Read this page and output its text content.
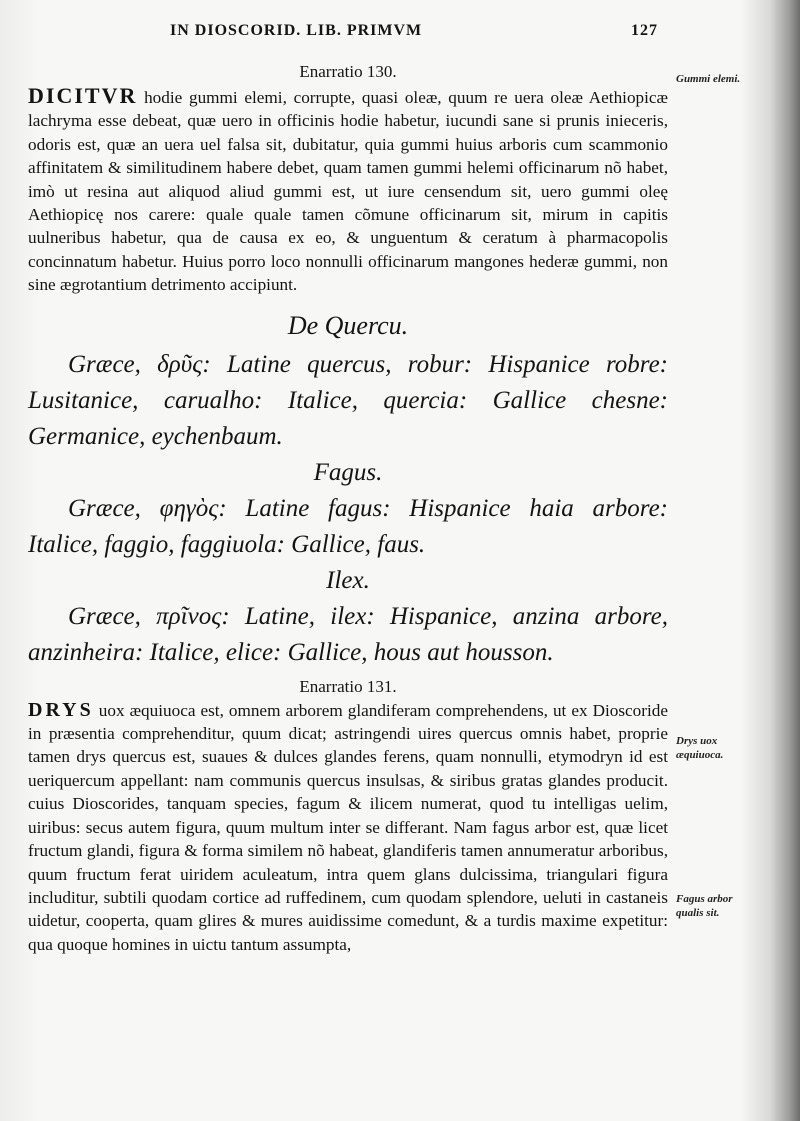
IN DIOSCORID. LIB. PRIMVM	127

Enarratio 130.

DICITVR hodie gummi elemi, corrupte, quasi oleæ, quum re uera oleæ Aethiopicæ lachryma esse debeat, quæ uero in officinis hodie habetur, iucundi sane si prunis inieceris, odoris est, quæ an uera uel falsa sit, dubitatur, quia gummi huius arboris cum scammonio affinitatem & similitudinem habere debet, quam tamen gummi helemi officinarum nõ habet, imò ut resina aut aliquod aliud gummi est, ut iure censendum sit, uero gummi oleę Aethiopicę nos carere: quale quale tamen cõmune officinarum sit, mirum in capitis uulneribus habetur, qua de causa ex eo, & unguentum & ceratum à pharmacopolis concinnatum habetur. Huius porro loco nonnulli officinarum mangones hederæ gummi, non sine ægrotantium detrimento accipiunt.

De Quercu.

Græce, δρῦς: Latine quercus, robur: Hispanice robre: Lusitanice, carualho: Italice, quercia: Gallice chesne: Germanice, eychenbaum.

Fagus.

Græce, φηγὸς: Latine fagus: Hispanice haia arbore: Italice, faggio, faggiuola: Gallice, faus.

Ilex.

Græce, πρῖνος: Latine, ilex: Hispanice, anzina arbore, anzinheira: Italice, elice: Gallice, hous aut housson.

Enarratio 131.

DRYS uox æquiuoca est, omnem arborem glandiferam comprehendens, ut ex Dioscoride in præsentia comprehenditur, quum dicat; astringendi uires quercus omnis habet, proprie tamen drys quercus est, suaues & dulces glandes ferens, quam nonnulli, etymodryn id est ueriquercum appellant: nam communis quercus insulsas, & siribus gratas glandes producit. cuius Dioscorides, tanquam species, fagum & ilicem numerat, quod tu intelligas uelim, uiribus: secus autem figura, quum multum inter se differant. Nam fagus arbor est, quæ licet fructum glandi, figura & forma similem nõ habeat, glandiferis tamen annumeratur arboribus, quum fructum ferat uiridem aculeatum, intra quem glans dulcissima, triangulari figura includitur, subtili quodam cortice ad ruffedinem, cum quodam splendore, ueluti in castaneis uidetur, cooperta, quam glires & mures auidissime comedunt, & a turdis maxime expetitur: qua quoque homines in uictu tantum assumpta,

Gummi elemi.
Drys uox æquiuoca.
Fagus arbor qualis sit.
